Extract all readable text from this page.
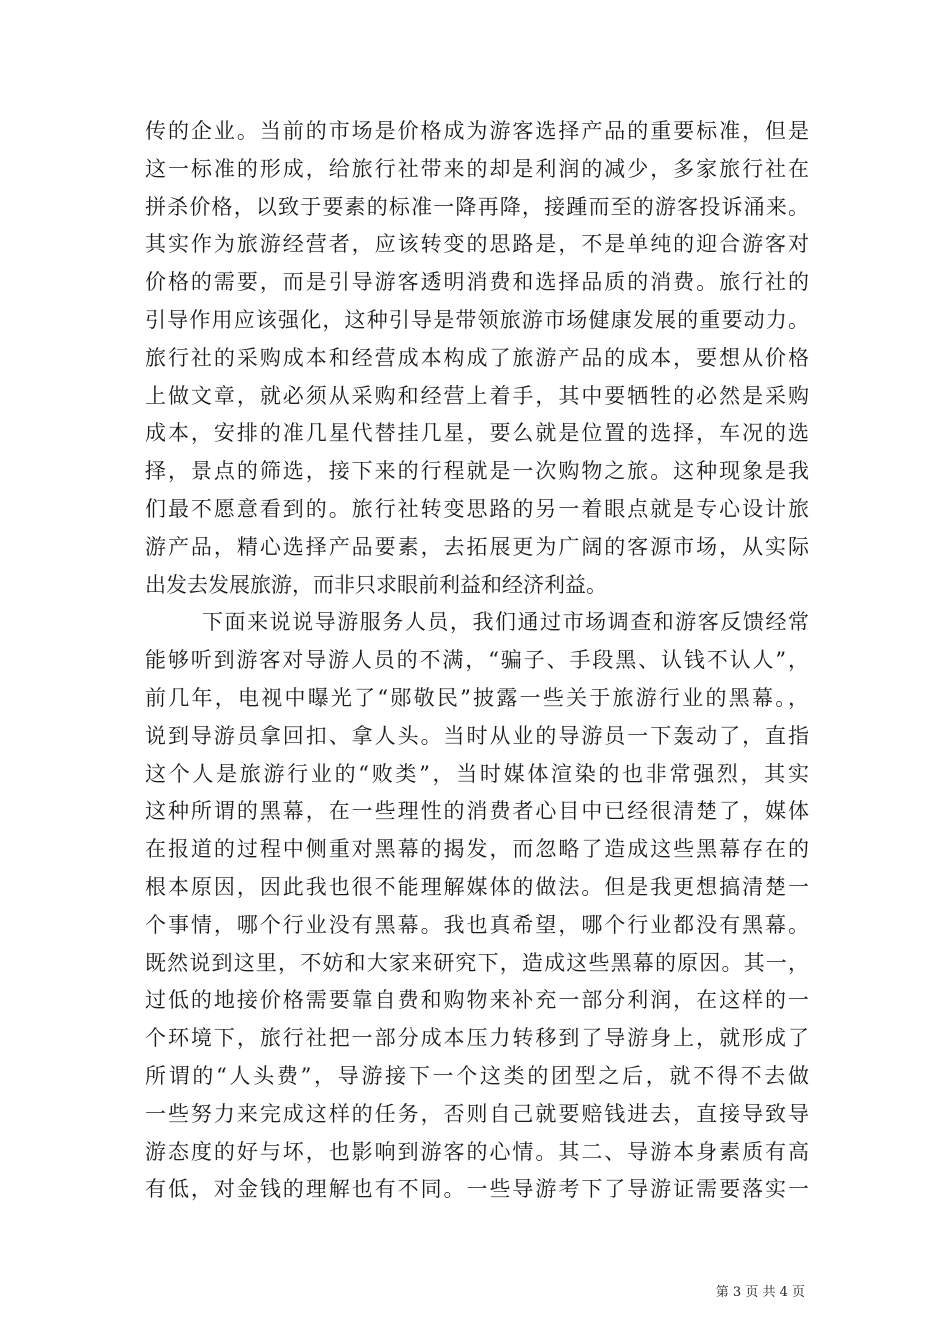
传的企业。当前的市场是价格成为游客选择产品的重要标准，但是
这一标准的形成，给旅行社带来的却是利润的减少，多家旅行社在
拼杀价格，以致于要素的标准一降再降，接踵而至的游客投诉涌来。
其实作为旅游经营者，应该转变的思路是，不是单纯的迎合游客对
价格的需要，而是引导游客透明消费和选择品质的消费。旅行社的
引导作用应该强化，这种引导是带领旅游市场健康发展的重要动力。
旅行社的采购成本和经营成本构成了旅游产品的成本，要想从价格
上做文章，就必须从采购和经营上着手，其中要牺牲的必然是采购
成本，安排的准几星代替挂几星，要么就是位置的选择，车况的选
择，景点的筛选，接下来的行程就是一次购物之旅。这种现象是我
们最不愿意看到的。旅行社转变思路的另一着眼点就是专心设计旅
游产品，精心选择产品要素，去拓展更为广阔的客源市场，从实际
出发去发展旅游，而非只求眼前利益和经济利益。
下面来说说导游服务人员，我们通过市场调查和游客反馈经常
能够听到游客对导游人员的不满，“骗子、手段黑、认钱不认人”，
前几年，电视中曝光了“郧敬民”披露一些关于旅游行业的黑幕。，
说到导游员拿回扣、拿人头。当时从业的导游员一下轰动了，直指
这个人是旅游行业的“败类”，当时媒体渲染的也非常强烈，其实
这种所谓的黑幕，在一些理性的消费者心目中已经很清楚了，媒体
在报道的过程中侧重对黑幕的揭发，而忽略了造成这些黑幕存在的
根本原因，因此我也很不能理解媒体的做法。但是我更想搞清楚一
个事情，哪个行业没有黑幕。我也真希望，哪个行业都没有黑幕。
既然说到这里，不妨和大家来研究下，造成这些黑幕的原因。其一，
过低的地接价格需要靠自费和购物来补充一部分利润，在这样的一
个环境下，旅行社把一部分成本压力转移到了导游身上，就形成了
所谓的“人头费”，导游接下一个这类的团型之后，就不得不去做
一些努力来完成这样的任务，否则自己就要赔钱进去，直接导致导
游态度的好与坏，也影响到游客的心情。其二、导游本身素质有高
有低，对金钱的理解也有不同。一些导游考下了导游证需要落实一
第 3 页 共 4 页
